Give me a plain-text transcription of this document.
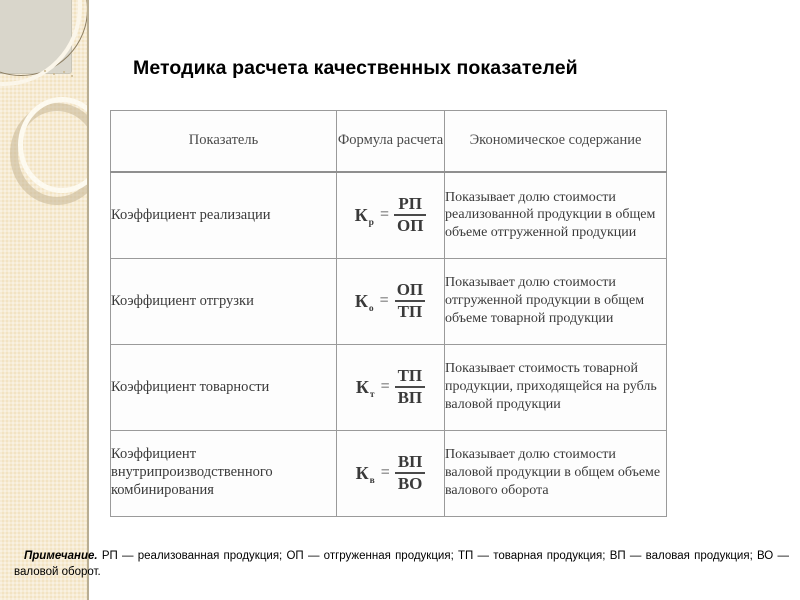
Методика расчета качественных показателей
Показатель	Формула расчета	Экономическое содержание
Коэффициент реализации	$К_р = \frac{РП}{ОП}$	Показывает долю стоимости реализованной продукции в общем объеме отгруженной продукции
Коэффициент отгрузки	$К_о = \frac{ОП}{ТП}$	Показывает долю стоимости отгруженной продукции в общем объеме товарной продукции
Коэффициент товарности	$К_т = \frac{ТП}{ВП}$	Показывает стоимость товарной продукции, приходящейся на рубль валовой продукции
Коэффициент внутрипроизводственного комбинирования	$К_в = \frac{ВП}{ВО}$	Показывает долю стоимости валовой продукции в общем объеме валового оборота

Примечание. РП — реализованная продукция; ОП — отгруженная продукция; ТП — товарная продукция; ВП — валовая продукция; ВО — валовой оборот.
